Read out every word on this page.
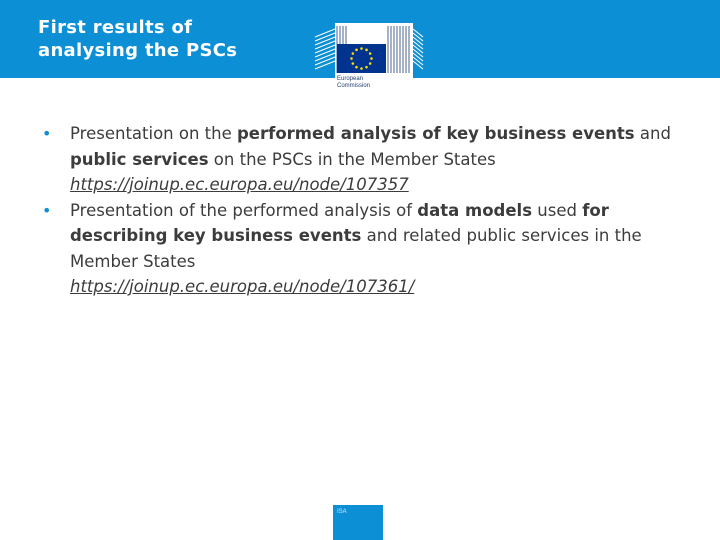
First results of
analysing the PSCs
European
Commission
• Presentation on the performed analysis of key business events and public services on the PSCs in the Member States
https://joinup.ec.europa.eu/node/107357
• Presentation of the performed analysis of data models used for describing key business events and related public services in the Member States
https://joinup.ec.europa.eu/node/107361/
ISA
